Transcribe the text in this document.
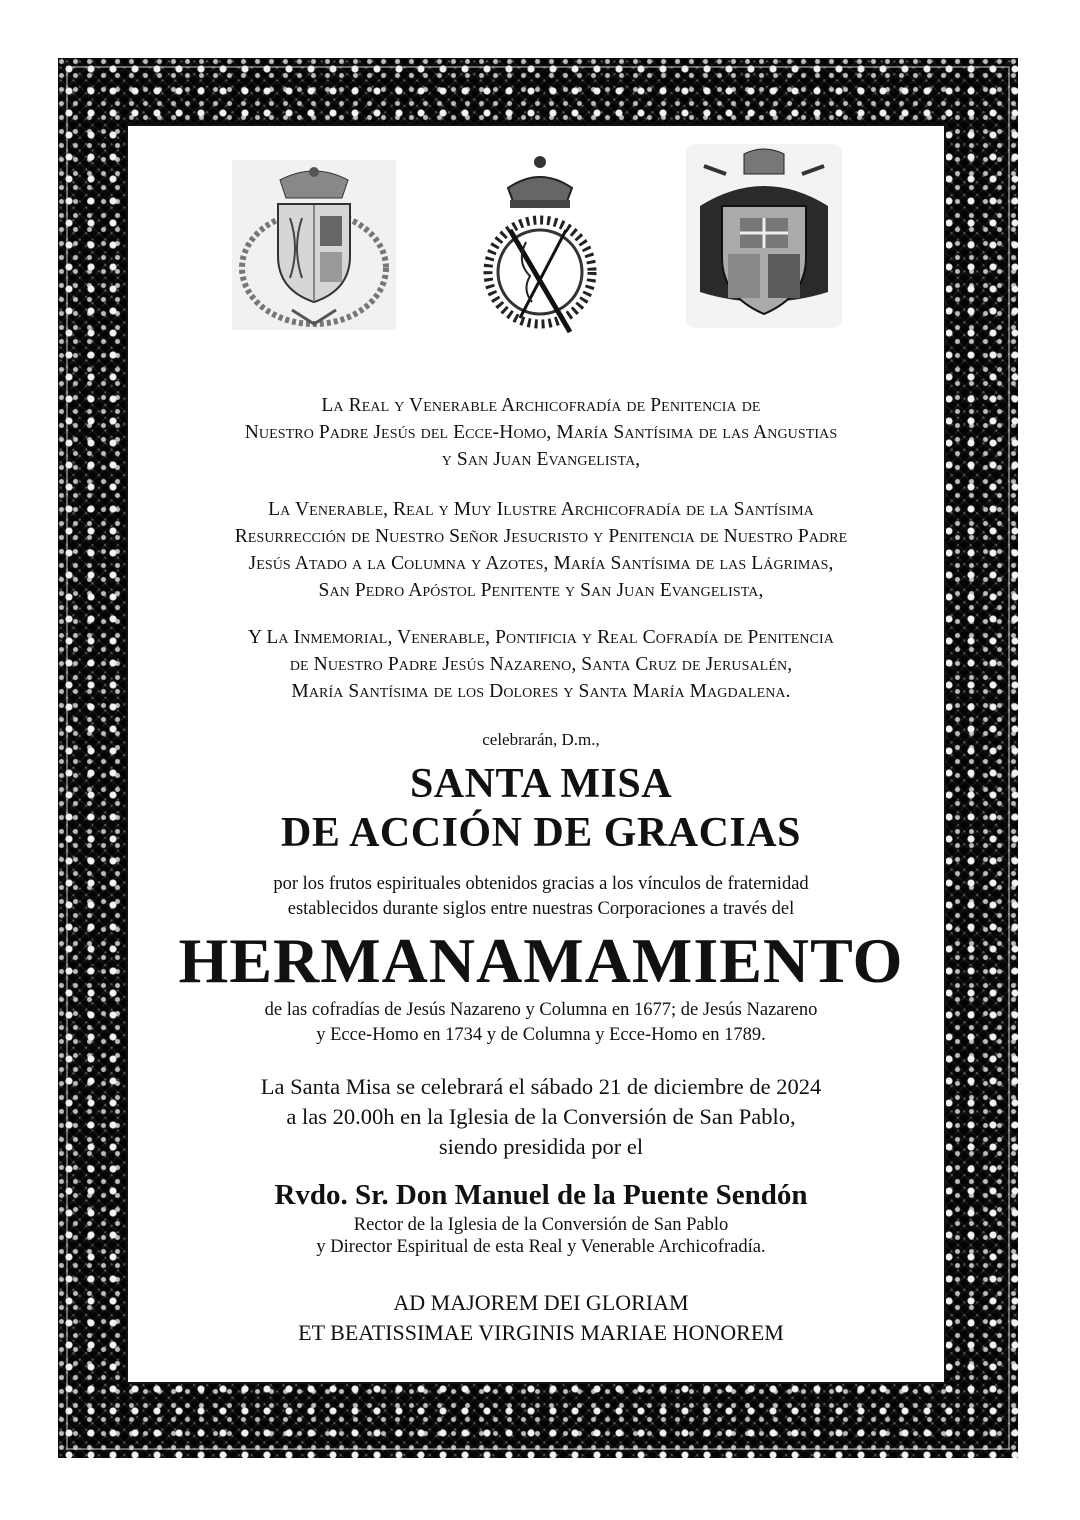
La Real y Venerable Archicofradía de Penitencia de
Nuestro Padre Jesús del Ecce-Homo, María Santísima de las Angustias
y San Juan Evangelista,
La Venerable, Real y Muy Ilustre Archicofradía de la Santísima
Resurrección de Nuestro Señor Jesucristo y Penitencia de Nuestro Padre
Jesús Atado a la Columna y Azotes, María Santísima de las Lágrimas,
San Pedro Apóstol Penitente y San Juan Evangelista,
Y La Inmemorial, Venerable, Pontificia y Real Cofradía de Penitencia
de Nuestro Padre Jesús Nazareno, Santa Cruz de Jerusalén,
María Santísima de los Dolores y Santa María Magdalena.
celebrarán, D.m.,
SANTA MISA
DE ACCIÓN DE GRACIAS
por los frutos espirituales obtenidos gracias a los vínculos de fraternidad
establecidos durante siglos entre nuestras Corporaciones a través del
HERMANAMAMIENTO
de las cofradías de Jesús Nazareno y Columna en 1677; de Jesús Nazareno
y Ecce-Homo en 1734 y de Columna y Ecce-Homo en 1789.
La Santa Misa se celebrará el sábado 21 de diciembre de 2024
a las 20.00h en la Iglesia de la Conversión de San Pablo,
siendo presidida por el
Rvdo. Sr. Don Manuel de la Puente Sendón
Rector de la Iglesia de la Conversión de San Pablo
y Director Espiritual de esta Real y Venerable Archicofradía.
AD MAJOREM DEI GLORIAM
ET BEATISSIMAE VIRGINIS MARIAE HONOREM
